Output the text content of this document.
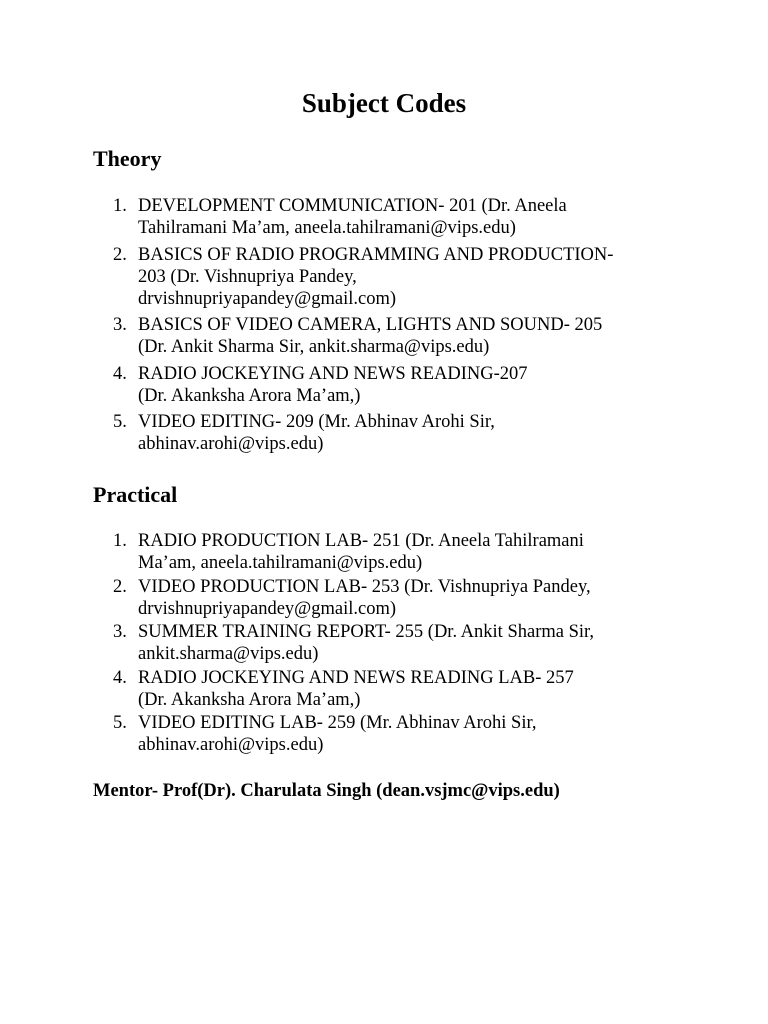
Subject Codes
Theory
1. DEVELOPMENT COMMUNICATION- 201 (Dr. Aneela
Tahilramani Ma’am, aneela.tahilramani@vips.edu)
2. BASICS OF RADIO PROGRAMMING AND PRODUCTION-
203 (Dr. Vishnupriya Pandey,
drvishnupriyapandey@gmail.com)
3. BASICS OF VIDEO CAMERA, LIGHTS AND SOUND- 205
(Dr. Ankit Sharma Sir, ankit.sharma@vips.edu)
4. RADIO JOCKEYING AND NEWS READING-207
(Dr. Akanksha Arora Ma’am,)
5. VIDEO EDITING- 209 (Mr. Abhinav Arohi Sir,
abhinav.arohi@vips.edu)
Practical
1. RADIO PRODUCTION LAB- 251 (Dr. Aneela Tahilramani
Ma’am, aneela.tahilramani@vips.edu)
2. VIDEO PRODUCTION LAB- 253 (Dr. Vishnupriya Pandey,
drvishnupriyapandey@gmail.com)
3. SUMMER TRAINING REPORT- 255 (Dr. Ankit Sharma Sir,
ankit.sharma@vips.edu)
4. RADIO JOCKEYING AND NEWS READING LAB- 257
(Dr. Akanksha Arora Ma’am,)
5. VIDEO EDITING LAB- 259 (Mr. Abhinav Arohi Sir,
abhinav.arohi@vips.edu)

Mentor- Prof(Dr). Charulata Singh (dean.vsjmc@vips.edu)
